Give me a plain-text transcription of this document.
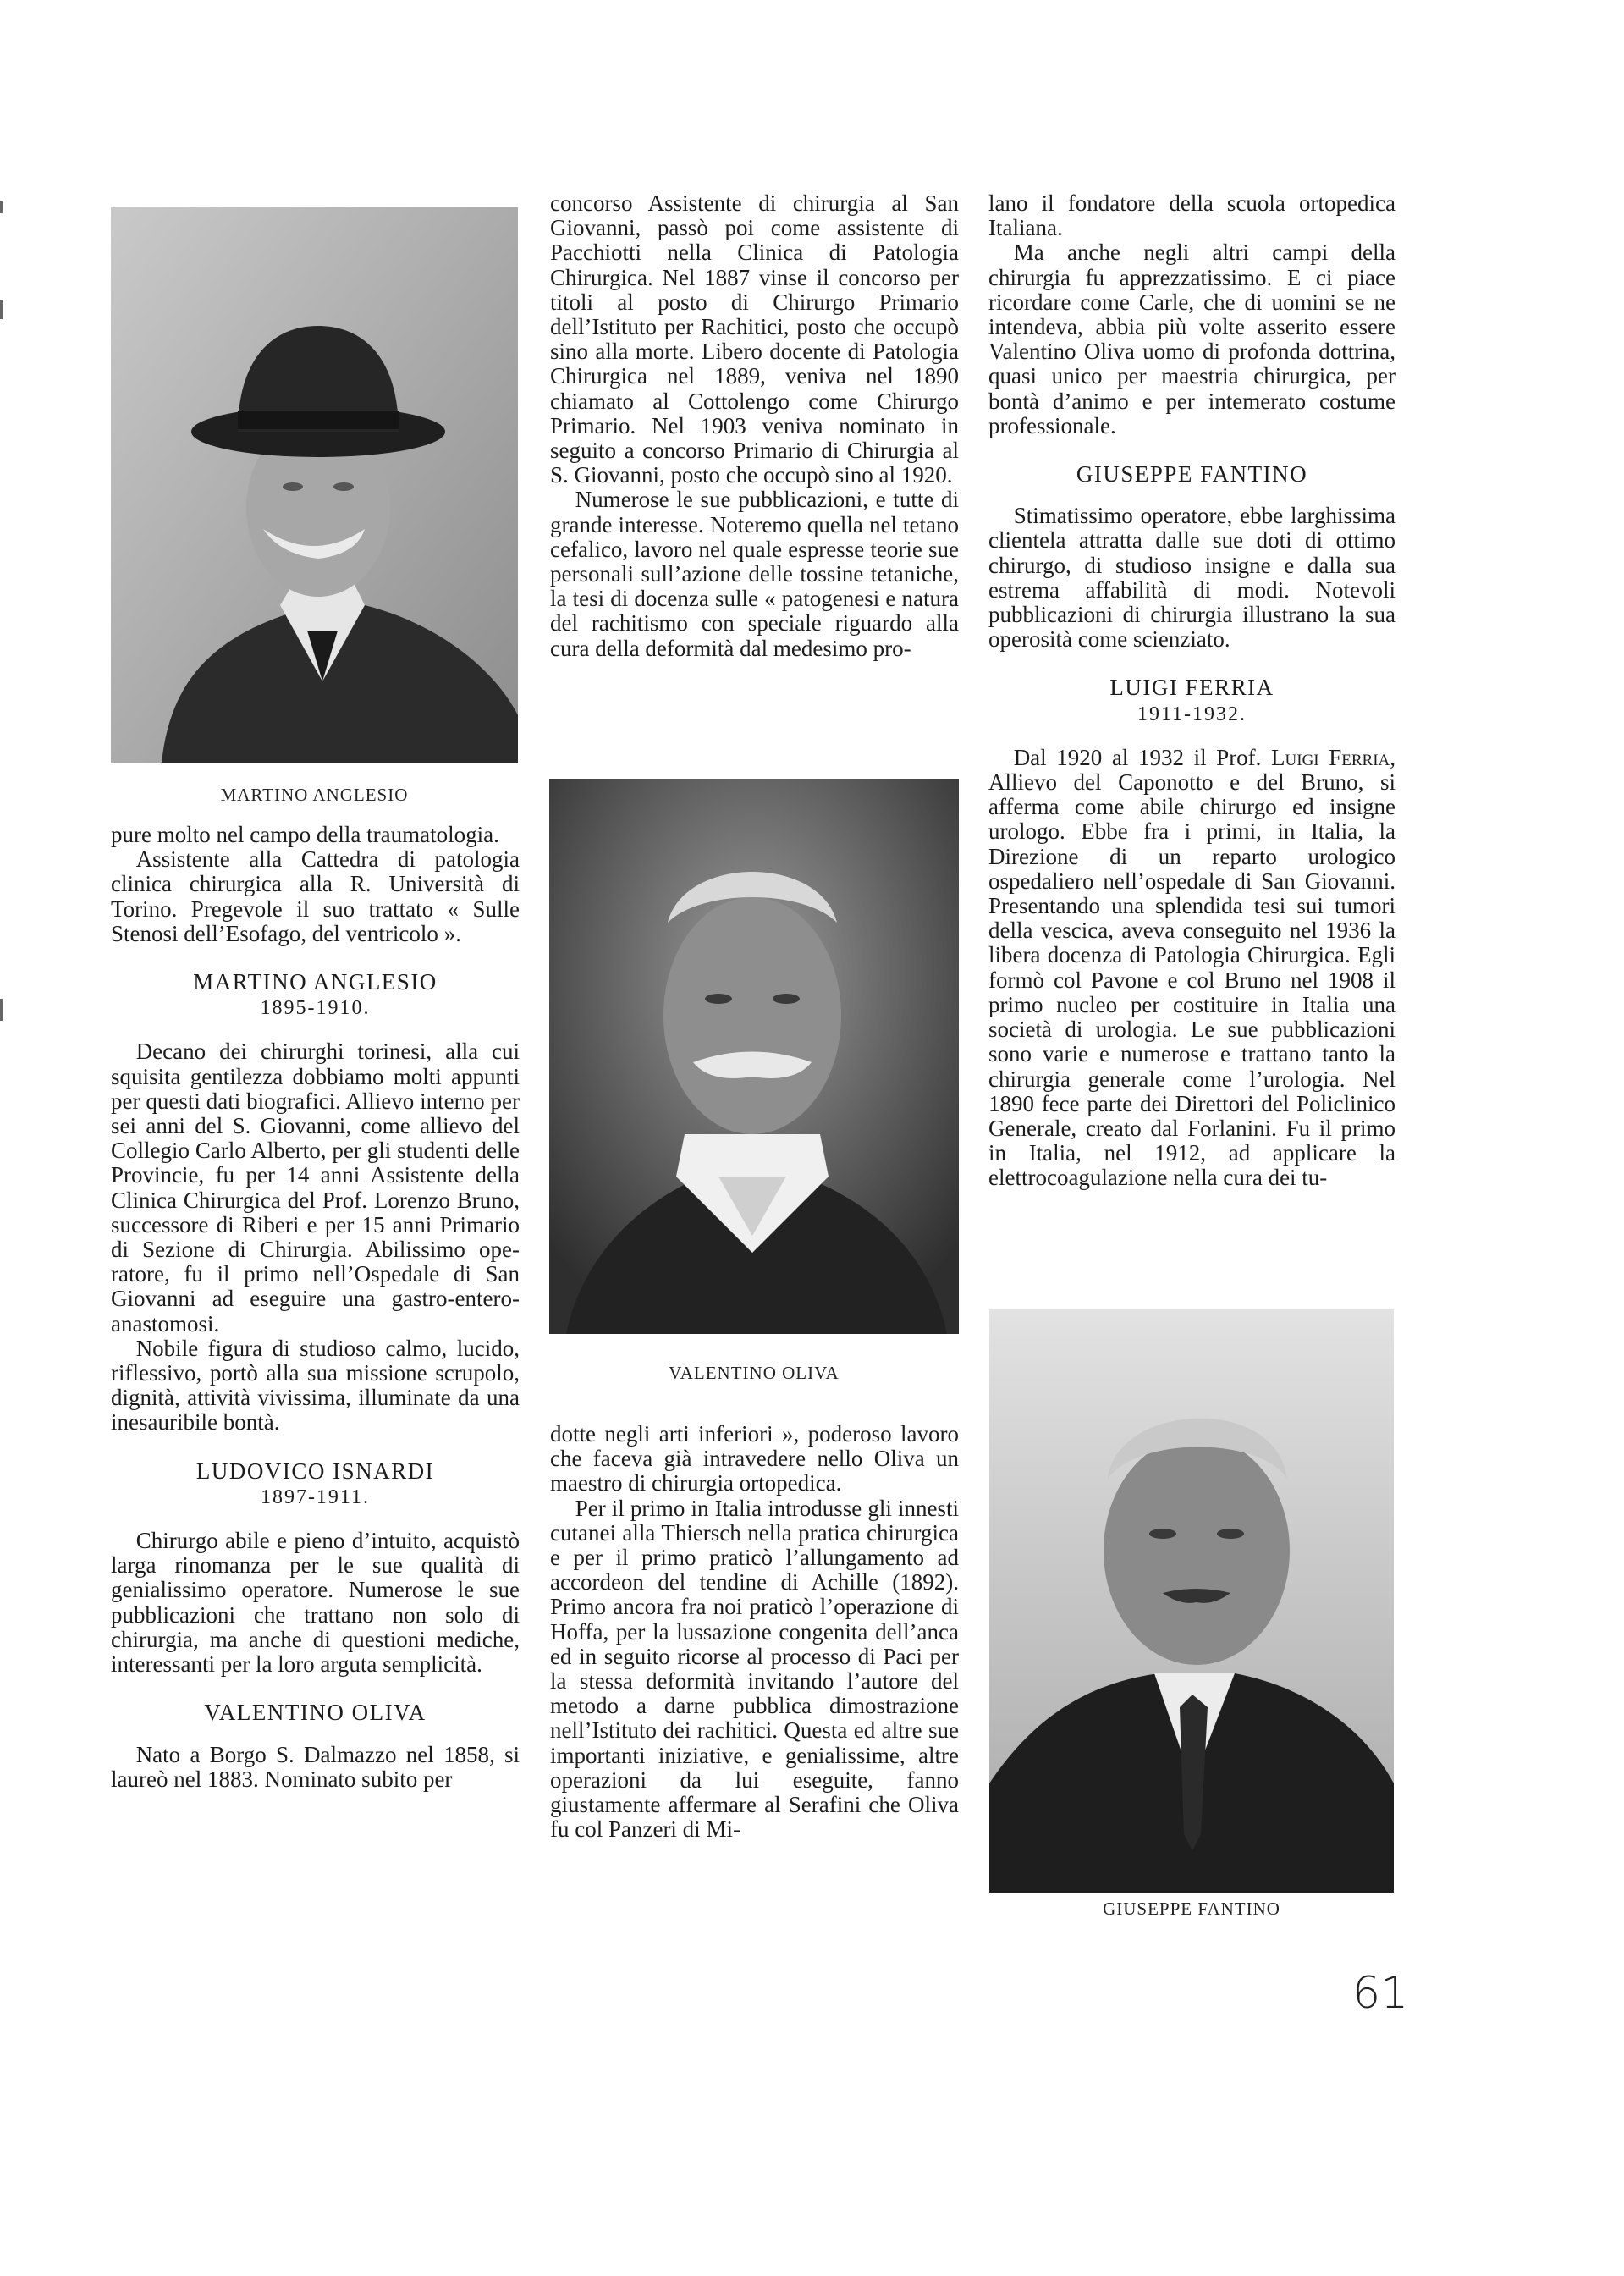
MARTINO ANGLESIO
VALENTINO OLIVA
GIUSEPPE FANTINO

pure molto nel campo della traumatologia.

Assistente alla Cattedra di patologia clinica chirurgica alla R. Università di Torino. Pregevole il suo trattato « Sulle Stenosi dell’Esofago, del ventricolo ».

MARTINO ANGLESIO
1895-1910.

Decano dei chirurghi torinesi, alla cui squisita gentilezza dobbiamo molti appunti per questi dati biografici. Allievo interno per sei anni del S. Giovanni, come allievo del Collegio Carlo Alberto, per gli studenti delle Provincie, fu per 14 anni Assistente della Clinica Chirurgica del Prof. Lorenzo Bruno, successore di Riberi e per 15 anni Primario di Sezione di Chirurgia. Abilissimo operatore, fu il primo nell’Ospedale di San Giovanni ad eseguire una gastro-enteroanastomosi.

Nobile figura di studioso calmo, lucido, riflessivo, portò alla sua missione scrupolo, dignità, attività vivissima, illuminate da una inesauribile bontà.

LUDOVICO ISNARDI
1897-1911.

Chirurgo abile e pieno d’intuito, acquistò larga rinomanza per le sue qualità di genialissimo operatore. Numerose le sue pubblicazioni che trattano non solo di chirurgia, ma anche di questioni mediche, interessanti per la loro arguta semplicità.

VALENTINO OLIVA

Nato a Borgo S. Dalmazzo nel 1858, si laureò nel 1883. Nominato subito per

concorso Assistente di chirurgia al San Giovanni, passò poi come assistente di Pacchiotti nella Clinica di Patologia Chirurgica. Nel 1887 vinse il concorso per titoli al posto di Chirurgo Primario dell’Istituto per Rachitici, posto che occupò sino alla morte. Libero docente di Patologia Chirurgica nel 1889, veniva nel 1890 chiamato al Cottolengo come Chirurgo Primario. Nel 1903 veniva nominato in seguito a concorso Primario di Chirurgia al S. Giovanni, posto che occupò sino al 1920.

Numerose le sue pubblicazioni, e tutte di grande interesse. Noteremo quella nel tetano cefalico, lavoro nel quale espresse teorie sue personali sull’azione delle tossine tetaniche, la tesi di docenza sulle « patogenesi e natura del rachitismo con speciale riguardo alla cura della deformità dal medesimo pro-

dotte negli arti inferiori », poderoso lavoro che faceva già intravedere nello Oliva un maestro di chirurgia ortopedica.

Per il primo in Italia introdusse gli innesti cutanei alla Thiersch nella pratica chirurgica e per il primo praticò l’allungamento ad accordeon del tendine di Achille (1892). Primo ancora fra noi praticò l’operazione di Hoffa, per la lussazione congenita dell’anca ed in seguito ricorse al processo di Paci per la stessa deformità invitando l’autore del metodo a darne pubblica dimostrazione nell’Istituto dei rachitici. Questa ed altre sue importanti iniziative, e genialissime, altre operazioni da lui eseguite, fanno giustamente affermare al Serafini che Oliva fu col Panzeri di Mi-

lano il fondatore della scuola ortopedica Italiana.

Ma anche negli altri campi della chirurgia fu apprezzatissimo. E ci piace ricordare come Carle, che di uomini se ne intendeva, abbia più volte asserito essere Valentino Oliva uomo di profonda dottrina, quasi unico per maestria chirurgica, per bontà d’animo e per intemerato costume professionale.

GIUSEPPE FANTINO

Stimatissimo operatore, ebbe larghissima clientela attratta dalle sue doti di ottimo chirurgo, di studioso insigne e dalla sua estrema affabilità di modi. Notevoli pubblicazioni di chirurgia illustrano la sua operosità come scienziato.

LUIGI FERRIA
1911-1932.

Dal 1920 al 1932 il Prof. Luigi Ferria, Allievo del Caponotto e del Bruno, si afferma come abile chirurgo ed insigne urologo. Ebbe fra i primi, in Italia, la Direzione di un reparto urologico ospedaliero nell’ospedale di San Giovanni. Presentando una splendida tesi sui tumori della vescica, aveva conseguito nel 1936 la libera docenza di Patologia Chirurgica. Egli formò col Pavone e col Bruno nel 1908 il primo nucleo per costituire in Italia una società di urologia. Le sue pubblicazioni sono varie e numerose e trattano tanto la chirurgia generale come l’urologia. Nel 1890 fece parte dei Direttori del Policlinico Generale, creato dal Forlanini. Fu il primo in Italia, nel 1912, ad applicare la elettrocoagulazione nella cura dei tu-

61
